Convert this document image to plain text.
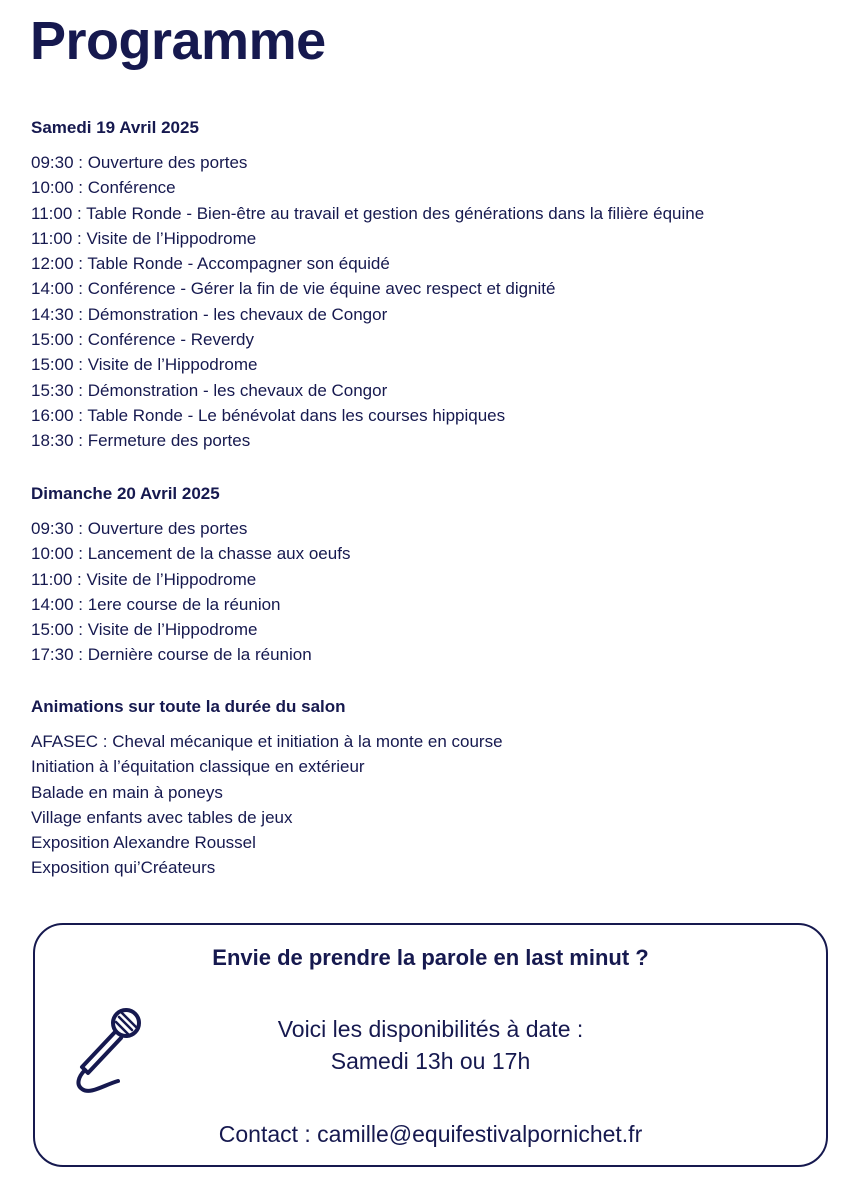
Programme
Samedi 19 Avril 2025
09:30 : Ouverture des portes
10:00 : Conférence
11:00 : Table Ronde - Bien-être au travail et gestion des générations dans la filière équine
11:00 : Visite de l’Hippodrome
12:00 : Table Ronde - Accompagner son équidé
14:00 : Conférence - Gérer la fin de vie équine avec respect et dignité
14:30 : Démonstration - les chevaux de Congor
15:00 : Conférence - Reverdy
15:00 : Visite de l’Hippodrome
15:30 : Démonstration - les chevaux de Congor
16:00 : Table Ronde - Le bénévolat dans les courses hippiques
18:30 : Fermeture des portes
Dimanche 20 Avril 2025
09:30 : Ouverture des portes
10:00 : Lancement de la chasse aux oeufs
11:00 : Visite de l’Hippodrome
14:00 : 1ere course de la réunion
15:00 : Visite de l’Hippodrome
17:30 : Dernière course de la réunion
Animations sur toute la durée du salon
AFASEC : Cheval mécanique et initiation à la monte en course
Initiation à l’équitation classique en extérieur
Balade en main à poneys
Village enfants avec tables de jeux
Exposition Alexandre Roussel
Exposition qui’Créateurs
Envie de prendre la parole en last minut ?
Voici les disponibilités à date :
Samedi 13h ou 17h
Contact : camille@equifestivalpornichet.fr
